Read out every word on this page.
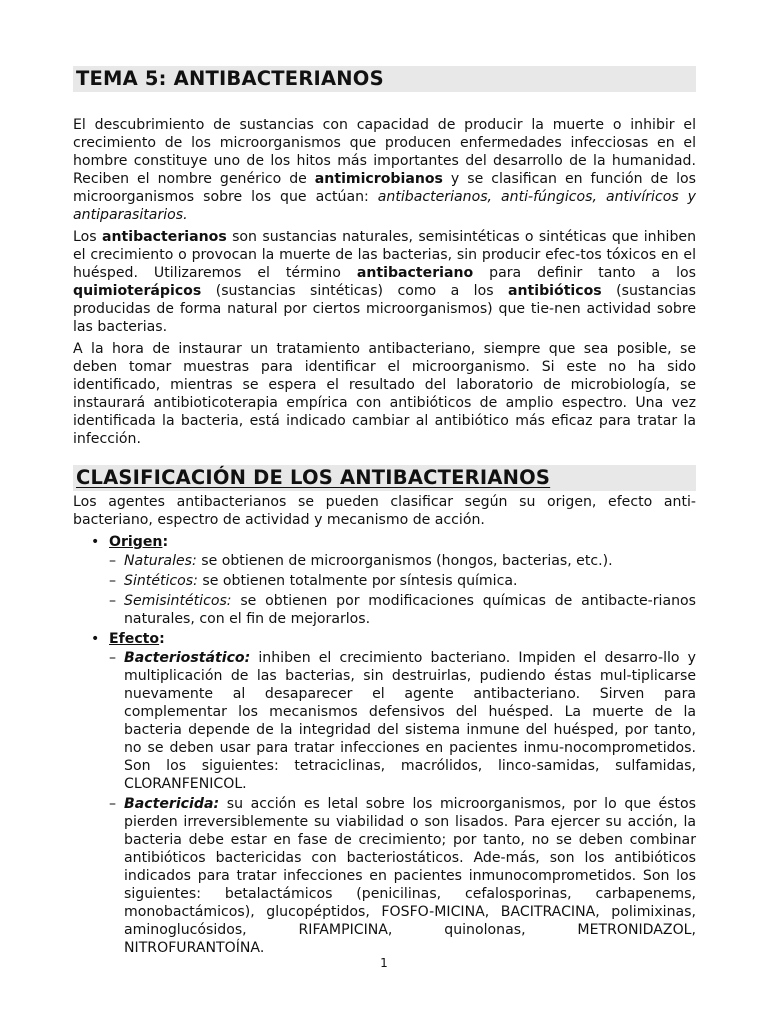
TEMA 5: ANTIBACTERIANOS

El descubrimiento de sustancias con capacidad de producir la muerte o inhibir el crecimiento de los microorganismos que producen enfermedades infecciosas en el hombre constituye uno de los hitos más importantes del desarrollo de la humanidad. Reciben el nombre genérico de antimicrobianos y se clasifican en función de los microorganismos sobre los que actúan: antibacterianos, anti-fúngicos, antivíricos y antiparasitarios.

Los antibacterianos son sustancias naturales, semisintéticas o sintéticas que inhiben el crecimiento o provocan la muerte de las bacterias, sin producir efec-tos tóxicos en el huésped. Utilizaremos el término antibacteriano para definir tanto a los quimioterápicos (sustancias sintéticas) como a los antibióticos (sustancias producidas de forma natural por ciertos microorganismos) que tie-nen actividad sobre las bacterias.

A la hora de instaurar un tratamiento antibacteriano, siempre que sea posible, se deben tomar muestras para identificar el microorganismo. Si este no ha sido identificado, mientras se espera el resultado del laboratorio de microbiología, se instaurará antibioticoterapia empírica con antibióticos de amplio espectro. Una vez identificada la bacteria, está indicado cambiar al antibiótico más eficaz para tratar la infección.

CLASIFICACIÓN DE LOS ANTIBACTERIANOS

Los agentes antibacterianos se pueden clasificar según su origen, efecto anti-bacteriano, espectro de actividad y mecanismo de acción.

• Origen:
– Naturales: se obtienen de microorganismos (hongos, bacterias, etc.).
– Sintéticos: se obtienen totalmente por síntesis química.
– Semisintéticos: se obtienen por modificaciones químicas de antibacte-rianos naturales, con el fin de mejorarlos.
• Efecto:
– Bacteriostático: inhiben el crecimiento bacteriano. Impiden el desarro-llo y multiplicación de las bacterias, sin destruirlas, pudiendo éstas mul-tiplicarse nuevamente al desaparecer el agente antibacteriano. Sirven para complementar los mecanismos defensivos del huésped. La muerte de la bacteria depende de la integridad del sistema inmune del huésped, por tanto, no se deben usar para tratar infecciones en pacientes inmu-nocomprometidos. Son los siguientes: tetraciclinas, macrólidos, linco-samidas, sulfamidas, CLORANFENICOL.
– Bactericida: su acción es letal sobre los microorganismos, por lo que éstos pierden irreversiblemente su viabilidad o son lisados. Para ejercer su acción, la bacteria debe estar en fase de crecimiento; por tanto, no se deben combinar antibióticos bactericidas con bacteriostáticos. Ade-más, son los antibióticos indicados para tratar infecciones en pacientes inmunocomprometidos. Son los siguientes: betalactámicos (penicilinas, cefalosporinas, carbapenems, monobactámicos), glucopéptidos, FOSFO-MICINA, BACITRACINA, polimixinas, aminoglucósidos, RIFAMPICINA, quinolonas, METRONIDAZOL, NITROFURANTOÍNA.
1
